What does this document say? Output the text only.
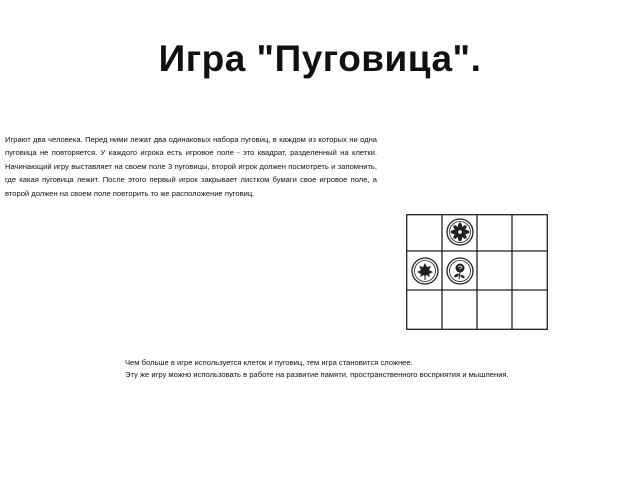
Игра "Пуговица".
Играют два человека. Перед ними лежат два одинаковых набора пуговиц, в каждом из которых ни одна пуговица не повторяется. У каждого игрока есть игровое поле - это квадрат, разделенный на клетки. Начинающий игру выставляет на своем поле 3 пуговицы, второй игрок должен посмотреть и запомнить, где какая пуговица лежит. После этого первый игрок закрывает листком бумаги свое игровое поле, а второй должен на своем поле повторить то же расположение пуговиц.
Чем больше в игре используется клеток и пуговиц, тем игра становится сложнее.
Эту же игру можно использовать в работе на развитие памяти, пространственного восприятия и мышления.
